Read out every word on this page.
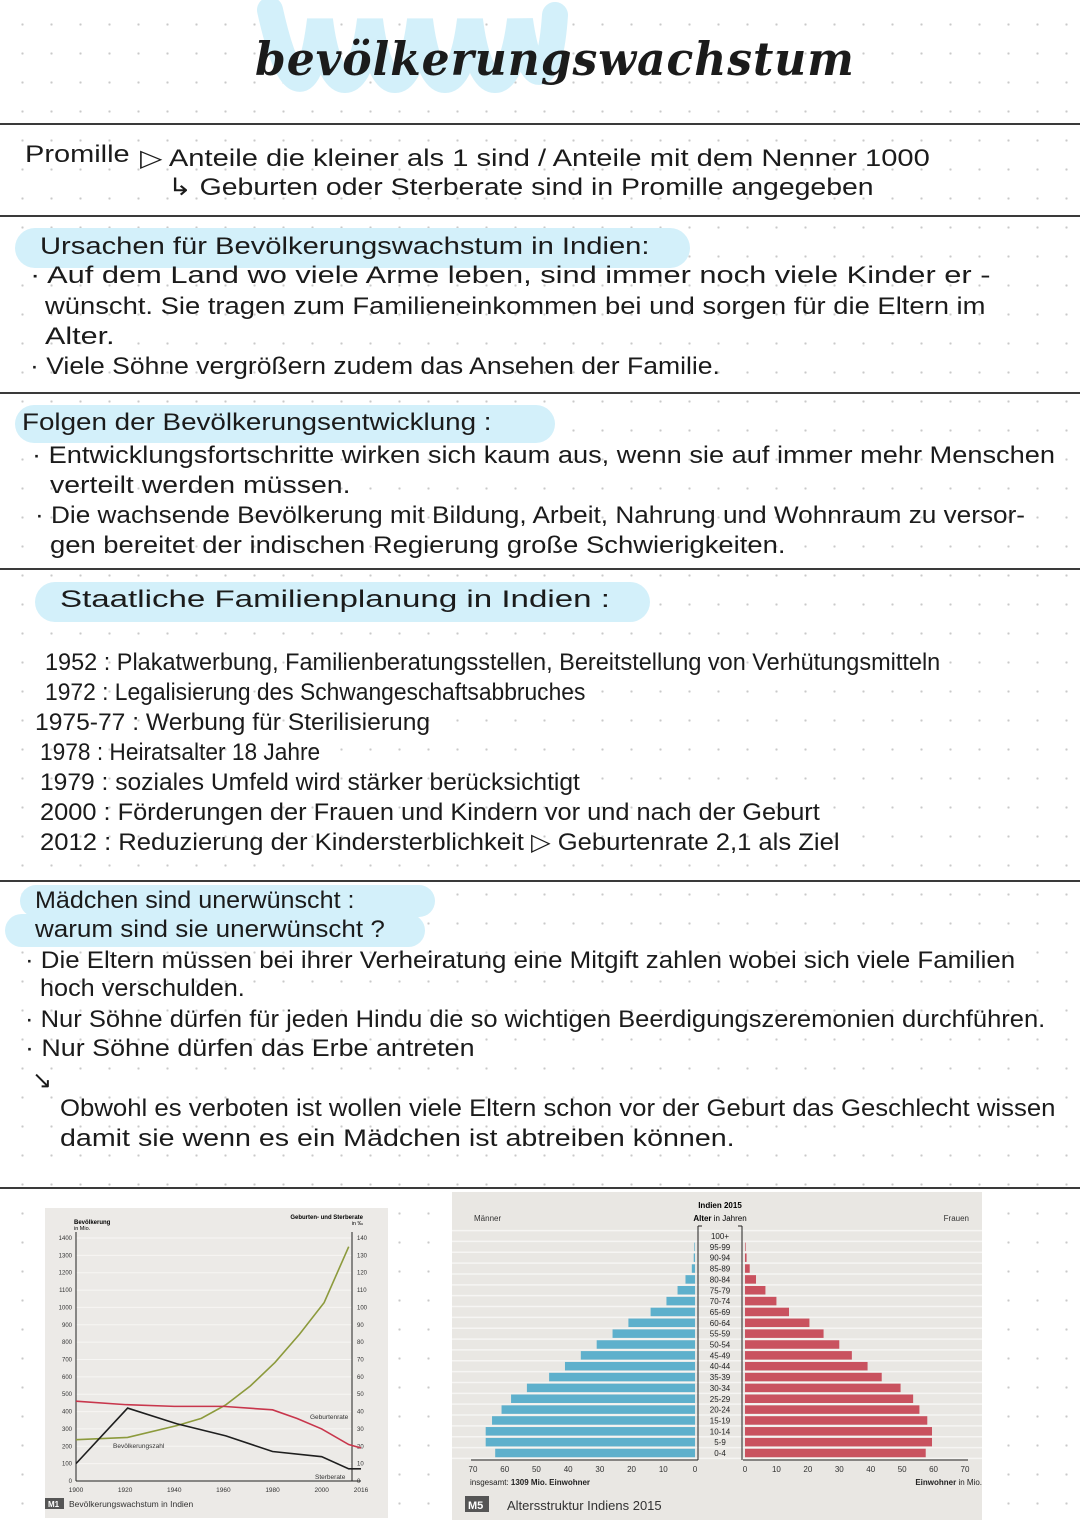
bevölkerungswachstum
Promille ▷ Anteile die kleiner als 1 sind / Anteile mit dem Nenner 1000
↳ Geburten oder Sterberate sind in Promille angegeben
Ursachen für Bevölkerungswachstum in Indien:
· Auf dem Land wo viele Arme leben, sind immer noch viele Kinder er -
wünscht. Sie tragen zum Familieneinkommen bei und sorgen für die Eltern im
Alter.
· Viele Söhne vergrößern zudem das Ansehen der Familie.
Folgen der Bevölkerungsentwicklung :
· Entwicklungsfortschritte wirken sich kaum aus, wenn sie auf immer mehr Menschen
verteilt werden müssen.
· Die wachsende Bevölkerung mit Bildung, Arbeit, Nahrung und Wohnraum zu versor-
gen bereitet der indischen Regierung große Schwierigkeiten.
Staatliche Familienplanung in Indien :
1952 : Plakatwerbung, Familienberatungsstellen, Bereitstellung von Verhütungsmitteln
1972 : Legalisierung des Schwangeschaftsabbruches
1975-77 : Werbung für Sterilisierung
1978 : Heiratsalter 18 Jahre
1979 : soziales Umfeld wird stärker berücksichtigt
2000 : Förderungen der Frauen und Kindern vor und nach der Geburt
2012 : Reduzierung der Kindersterblichkeit ▷ Geburtenrate 2,1 als Ziel
Mädchen sind unerwünscht :
warum sind sie unerwünscht ?
· Die Eltern müssen bei ihrer Verheiratung eine Mitgift zahlen wobei sich viele Familien
hoch verschulden.
· Nur Söhne dürfen für jeden Hindu die so wichtigen Beerdigungszeremonien durchführen.
· Nur Söhne dürfen das Erbe antreten
↘
Obwohl es verboten ist wollen viele Eltern schon vor der Geburt das Geschlecht wissen
damit sie wenn es ein Mädchen ist abtreiben können.
0
100
200
300
400
500
600
700
800
900
1000
1100
1200
1300
1400
0
10
20
30
40
50
60
70
80
90
100
110
120
130
140
1900	1920	1940	1960	1980	2000	2016
Bevölkerung
in Mio.
Geburten- und Sterberate
in ‰
Bevölkerungszahl
Geburtenrate
Sterberate
M1 Bevölkerungswachstum in Indien
100+
95-99
90-94
85-89
80-84
75-79
70-74
65-69
60-64
55-59
50-54
45-49
40-44
35-39
30-34
25-29
20-24
15-19
10-14
5-9
0-4
0	0
10	10
20	20
30	30
40	40
50	50
60	60
70	70
Indien 2015
Alter in Jahren
Männer	Frauen
insgesamt: 1309 Mio. Einwohner	Einwohner in Mio.
M5 Altersstruktur Indiens 2015
